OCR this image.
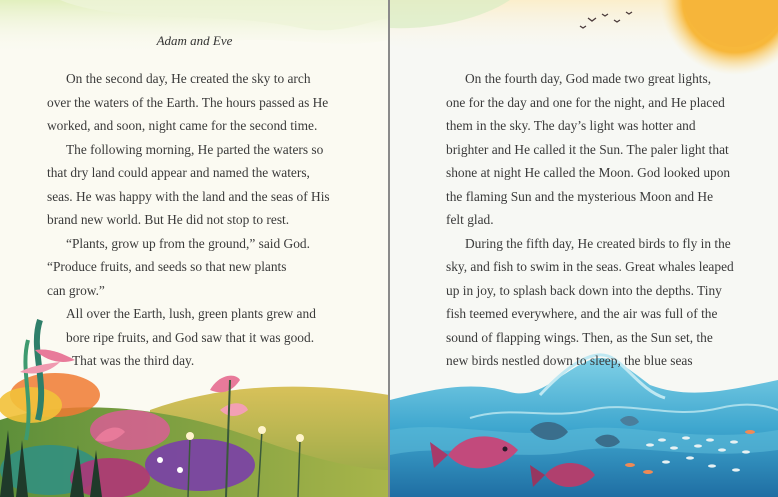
Adam and Eve

On the second day, He created the sky to arch

over the waters of the Earth. The hours passed as He

worked, and soon, night came for the second time.

The following morning, He parted the waters so

that dry land could appear and named the waters,

seas. He was happy with the land and the seas of His

brand new world. But He did not stop to rest.

“Plants, grow up from the ground,” said God.

“Produce fruits, and seeds so that new plants

can grow.”

All over the Earth, lush, green plants grew and

bore ripe fruits, and God saw that it was good.

That was the third day.

On the fourth day, God made two great lights,

one for the day and one for the night, and He placed

them in the sky. The day’s light was hotter and

brighter and He called it the Sun. The paler light that

shone at night He called the Moon. God looked upon

the flaming Sun and the mysterious Moon and He

felt glad.

During the fifth day, He created birds to fly in the

sky, and fish to swim in the seas. Great whales leaped

up in joy, to splash back down into the depths. Tiny

fish teemed everywhere, and the air was full of the

sound of flapping wings. Then, as the Sun set, the

new birds nestled down to sleep, the blue seas
